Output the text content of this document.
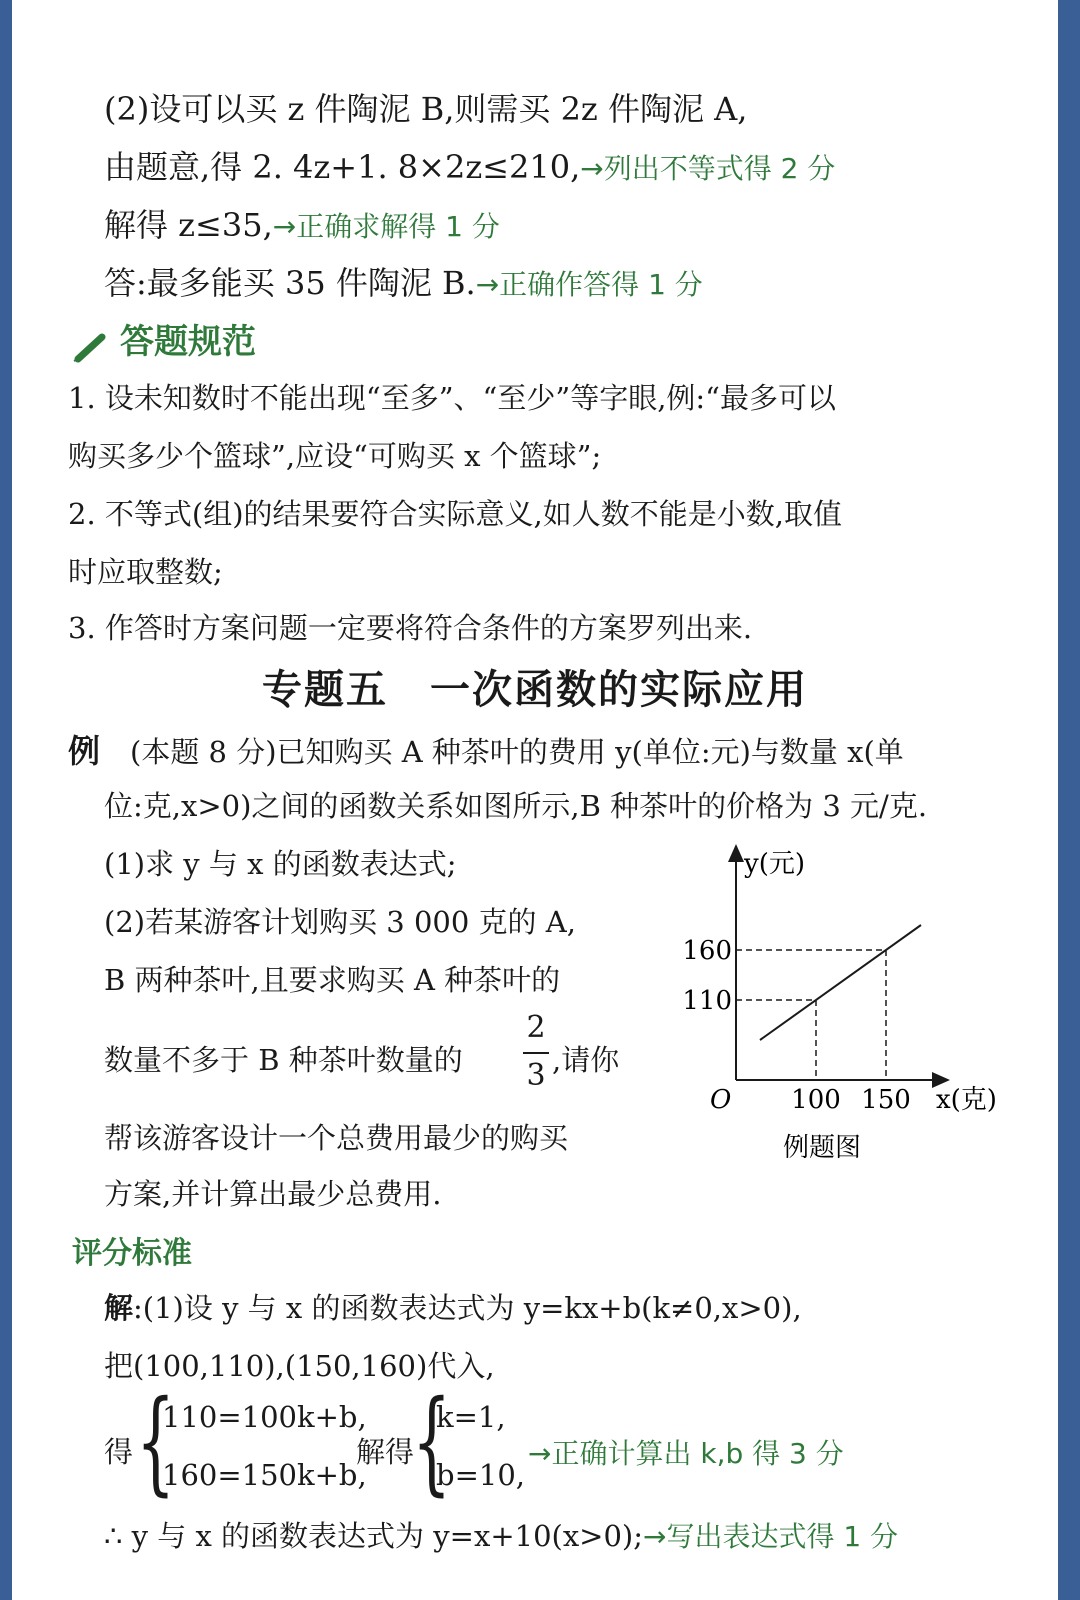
(2)设可以买 z 件陶泥 B,则需买 2z 件陶泥 A,
由题意,得 2. 4z+1. 8×2z≤210,→列出不等式得 2 分
解得 z≤35,→正确求解得 1 分
答:最多能买 35 件陶泥 B.→正确作答得 1 分
答题规范
1. 设未知数时不能出现“至多”、“至少”等字眼,例:“最多可以
购买多少个篮球”,应设“可购买 x 个篮球”;
2. 不等式(组)的结果要符合实际意义,如人数不能是小数,取值
时应取整数;
3. 作答时方案问题一定要将符合条件的方案罗列出来.
专题五　一次函数的实际应用
例 (本题 8 分)已知购买 A 种茶叶的费用 y(单位:元)与数量 x(单
位:克,x>0)之间的函数关系如图所示,B 种茶叶的价格为 3 元/克.
(1)求 y 与 x 的函数表达式;
(2)若某游客计划购买 3 000 克的 A,
B 两种茶叶,且要求购买 A 种茶叶的
数量不多于 B 种茶叶数量的
2
3 ,请你
帮该游客设计一个总费用最少的购买
方案,并计算出最少总费用.
y(元)
x(克)
O
160
110
100 150
例题图
评分标准
解:(1)设 y 与 x 的函数表达式为 y=kx+b(k≠0,x>0),
把(100,110),(150,160)代入,
得 {
110=100k+b,
160=150k+b,
解得
{
k=1,
b=10,
→正确计算出 k,b 得 3 分
∴ y 与 x 的函数表达式为 y=x+10(x>0);→写出表达式得 1 分
